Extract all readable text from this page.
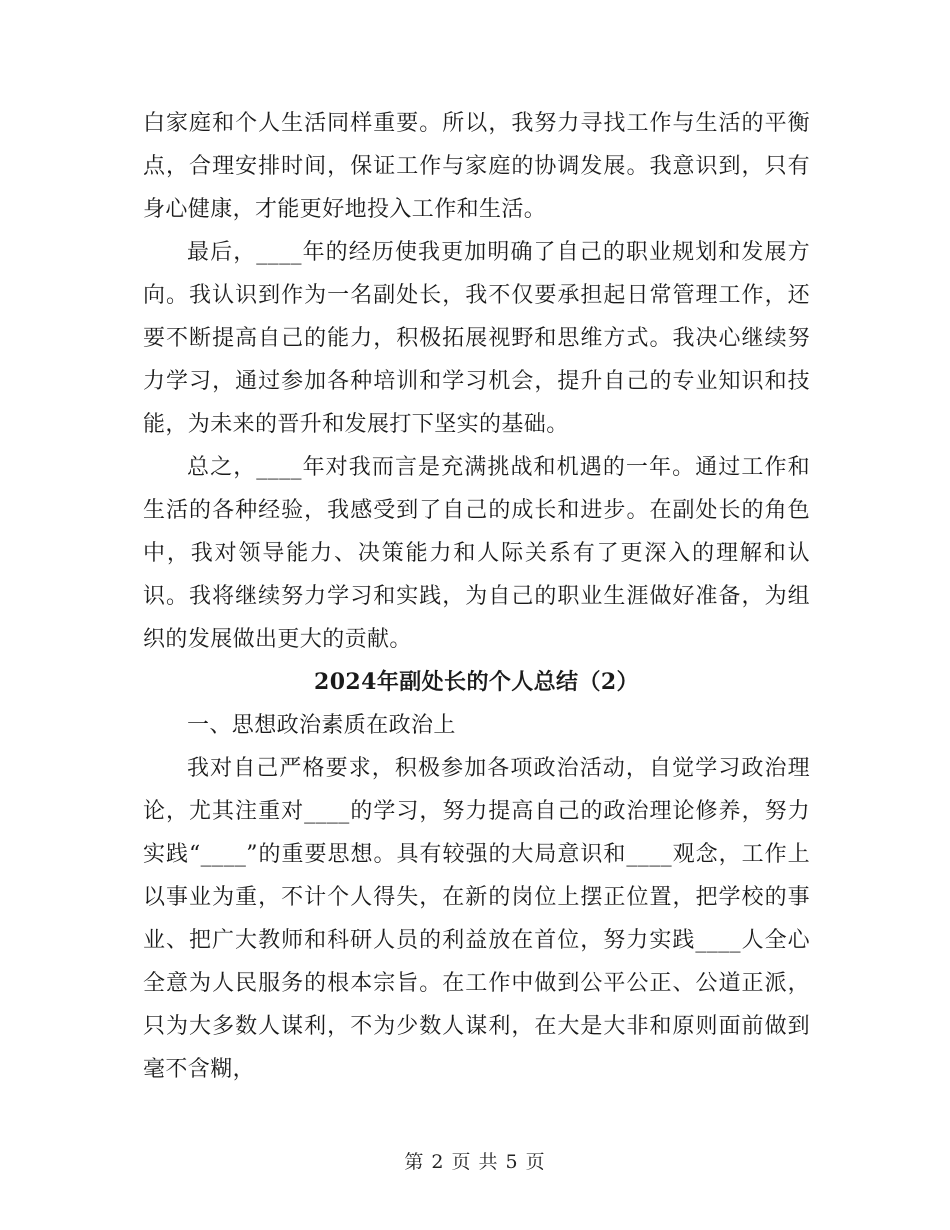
白家庭和个人生活同样重要。所以，我努力寻找工作与生活的平衡点，合理安排时间，保证工作与家庭的协调发展。我意识到，只有身心健康，才能更好地投入工作和生活。

最后，____年的经历使我更加明确了自己的职业规划和发展方向。我认识到作为一名副处长，我不仅要承担起日常管理工作，还要不断提高自己的能力，积极拓展视野和思维方式。我决心继续努力学习，通过参加各种培训和学习机会，提升自己的专业知识和技能，为未来的晋升和发展打下坚实的基础。

总之，____年对我而言是充满挑战和机遇的一年。通过工作和生活的各种经验，我感受到了自己的成长和进步。在副处长的角色中，我对领导能力、决策能力和人际关系有了更深入的理解和认识。我将继续努力学习和实践，为自己的职业生涯做好准备，为组织的发展做出更大的贡献。

2024年副处长的个人总结（2）

一、思想政治素质在政治上

我对自己严格要求，积极参加各项政治活动，自觉学习政治理论，尤其注重对____的学习，努力提高自己的政治理论修养，努力实践“____”的重要思想。具有较强的大局意识和____观念，工作上以事业为重，不计个人得失，在新的岗位上摆正位置，把学校的事业、把广大教师和科研人员的利益放在首位，努力实践____人全心全意为人民服务的根本宗旨。在工作中做到公平公正、公道正派，只为大多数人谋利，不为少数人谋利，在大是大非和原则面前做到毫不含糊，

第 2 页 共 5 页
